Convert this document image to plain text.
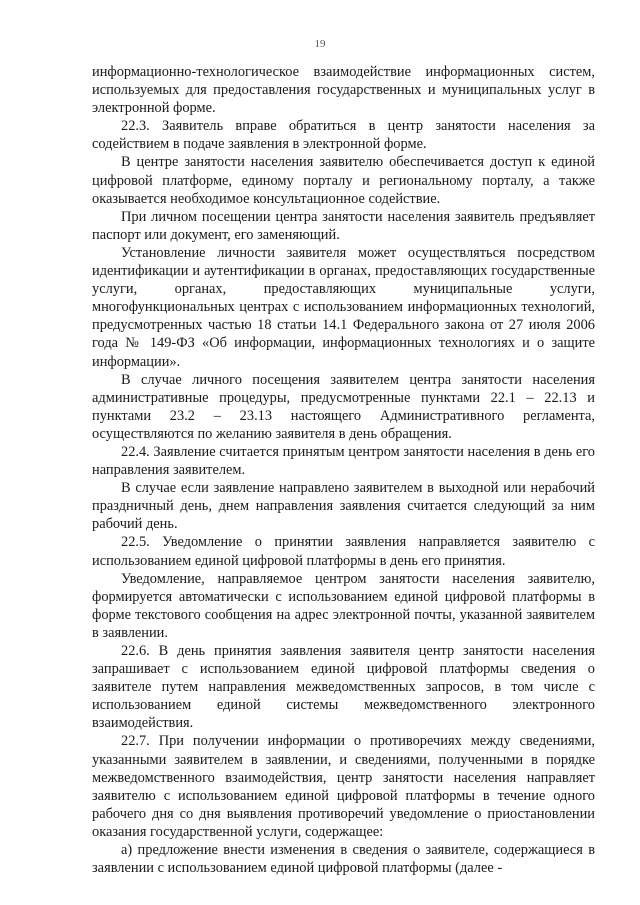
19

информационно-технологическое взаимодействие информационных систем, используемых для предоставления государственных и муниципальных услуг в электронной форме.

22.3. Заявитель вправе обратиться в центр занятости населения за содействием в подаче заявления в электронной форме.

В центре занятости населения заявителю обеспечивается доступ к единой цифровой платформе, единому порталу и региональному порталу, а также оказывается необходимое консультационное содействие.

При личном посещении центра занятости населения заявитель предъявляет паспорт или документ, его заменяющий.

Установление личности заявителя может осуществляться посредством идентификации и аутентификации в органах, предоставляющих государственные услуги, органах, предоставляющих муниципальные услуги, многофункциональных центрах с использованием информационных технологий, предусмотренных частью 18 статьи 14.1 Федерального закона от 27 июля 2006 года № 149-ФЗ «Об информации, информационных технологиях и о защите информации».

В случае личного посещения заявителем центра занятости населения административные процедуры, предусмотренные пунктами 22.1 – 22.13 и пунктами 23.2 – 23.13 настоящего Административного регламента, осуществляются по желанию заявителя в день обращения.

22.4. Заявление считается принятым центром занятости населения в день его направления заявителем.

В случае если заявление направлено заявителем в выходной или нерабочий праздничный день, днем направления заявления считается следующий за ним рабочий день.

22.5. Уведомление о принятии заявления направляется заявителю с использованием единой цифровой платформы в день его принятия.

Уведомление, направляемое центром занятости населения заявителю, формируется автоматически с использованием единой цифровой платформы в форме текстового сообщения на адрес электронной почты, указанной заявителем в заявлении.

22.6. В день принятия заявления заявителя центр занятости населения запрашивает с использованием единой цифровой платформы сведения о заявителе путем направления межведомственных запросов, в том числе с использованием единой системы межведомственного электронного взаимодействия.

22.7. При получении информации о противоречиях между сведениями, указанными заявителем в заявлении, и сведениями, полученными в порядке межведомственного взаимодействия, центр занятости населения направляет заявителю с использованием единой цифровой платформы в течение одного рабочего дня со дня выявления противоречий уведомление о приостановлении оказания государственной услуги, содержащее:

а) предложение внести изменения в сведения о заявителе, содержащиеся в заявлении с использованием единой цифровой платформы (далее -
